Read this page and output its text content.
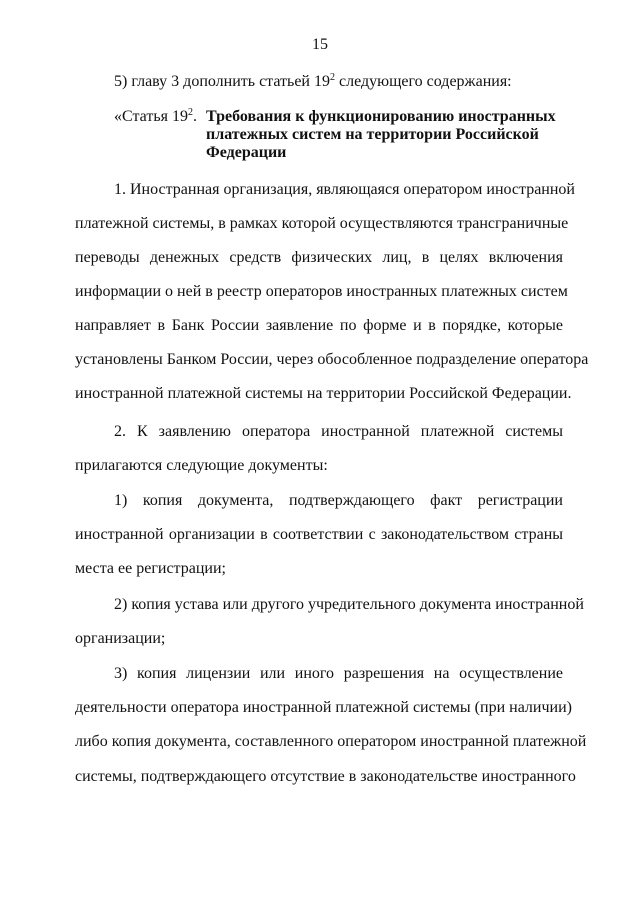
15
5) главу 3 дополнить статьей $19^2$ следующего содержания:
«Статья $19^2$. Требования к функционированию иностранных
платежных систем на территории Российской
Федерации
1. Иностранная организация, являющаяся оператором иностранной
платежной системы, в рамках которой осуществляются трансграничные
переводы денежных средств физических лиц, в целях включения
информации о ней в реестр операторов иностранных платежных систем
направляет в Банк России заявление по форме и в порядке, которые
установлены Банком России, через обособленное подразделение оператора
иностранной платежной системы на территории Российской Федерации.
2. К заявлению оператора иностранной платежной системы
прилагаются следующие документы:
1) копия документа, подтверждающего факт регистрации
иностранной организации в соответствии с законодательством страны
места ее регистрации;
2) копия устава или другого учредительного документа иностранной
организации;
3) копия лицензии или иного разрешения на осуществление
деятельности оператора иностранной платежной системы (при наличии)
либо копия документа, составленного оператором иностранной платежной
системы, подтверждающего отсутствие в законодательстве иностранного
